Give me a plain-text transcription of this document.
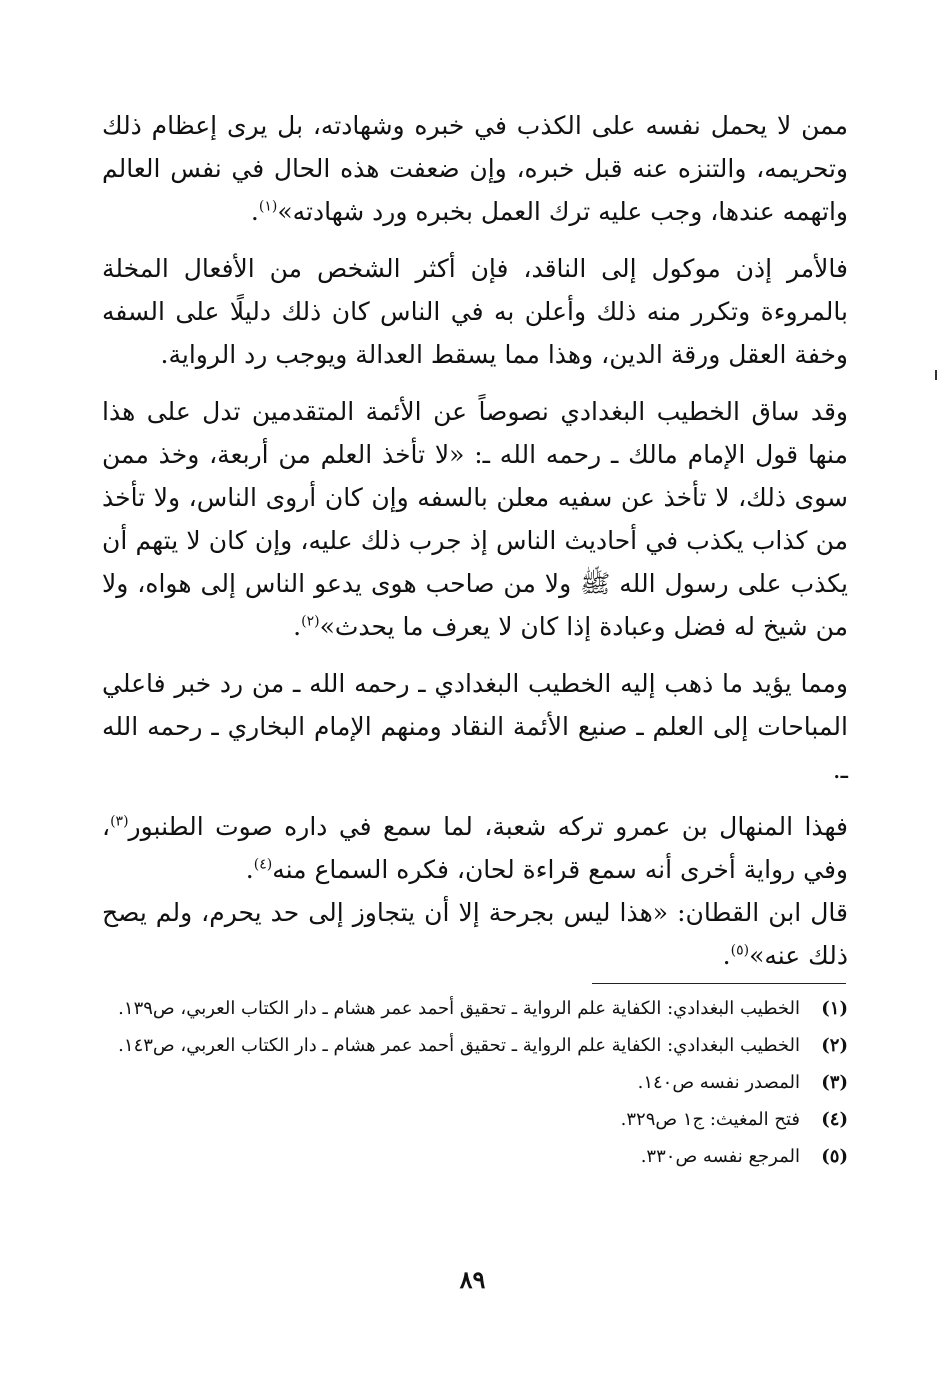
ممن لا يحمل نفسه على الكذب في خبره وشهادته، بل يرى إعظام ذلك وتحريمه، والتنزه عنه قبل خبره، وإن ضعفت هذه الحال في نفس العالم واتهمه عندها، وجب عليه ترك العمل بخبره ورد شهادته»$^{(١)}$.

فالأمر إذن موكول إلى الناقد، فإن أكثر الشخص من الأفعال المخلة بالمروءة وتكرر منه ذلك وأعلن به في الناس كان ذلك دليلًا على السفه وخفة العقل ورقة الدين، وهذا مما يسقط العدالة ويوجب رد الرواية.

وقد ساق الخطيب البغدادي نصوصاً عن الأئمة المتقدمين تدل على هذا منها قول الإمام مالك ـ رحمه الله ـ: «لا تأخذ العلم من أربعة، وخذ ممن سوى ذلك، لا تأخذ عن سفيه معلن بالسفه وإن كان أروى الناس، ولا تأخذ من كذاب يكذب في أحاديث الناس إذ جرب ذلك عليه، وإن كان لا يتهم أن يكذب على رسول الله ﷺ ولا من صاحب هوى يدعو الناس إلى هواه، ولا من شيخ له فضل وعبادة إذا كان لا يعرف ما يحدث»$^{(٢)}$.

ومما يؤيد ما ذهب إليه الخطيب البغدادي ـ رحمه الله ـ من رد خبر فاعلي المباحات إلى العلم ـ صنيع الأئمة النقاد ومنهم الإمام البخاري ـ رحمه الله ـ.

فهذا المنهال بن عمرو تركه شعبة، لما سمع في داره صوت الطنبور$^{(٣)}$، وفي رواية أخرى أنه سمع قراءة لحان، فكره السماع منه$^{(٤)}$.
قال ابن القطان: «هذا ليس بجرحة إلا أن يتجاوز إلى حد يحرم، ولم يصح ذلك عنه»$^{(٥)}$.

(١)
الخطيب البغدادي: الكفاية علم الرواية ـ تحقيق أحمد عمر هشام ـ دار الكتاب العربي، ص١٣٩.
(٢)
الخطيب البغدادي: الكفاية علم الرواية ـ تحقيق أحمد عمر هشام ـ دار الكتاب العربي، ص١٤٣.
(٣)
المصدر نفسه ص١٤٠.
(٤)
فتح المغيث: ج١ ص٣٢٩.
(٥)
المرجع نفسه ص٣٣٠.
٨٩
